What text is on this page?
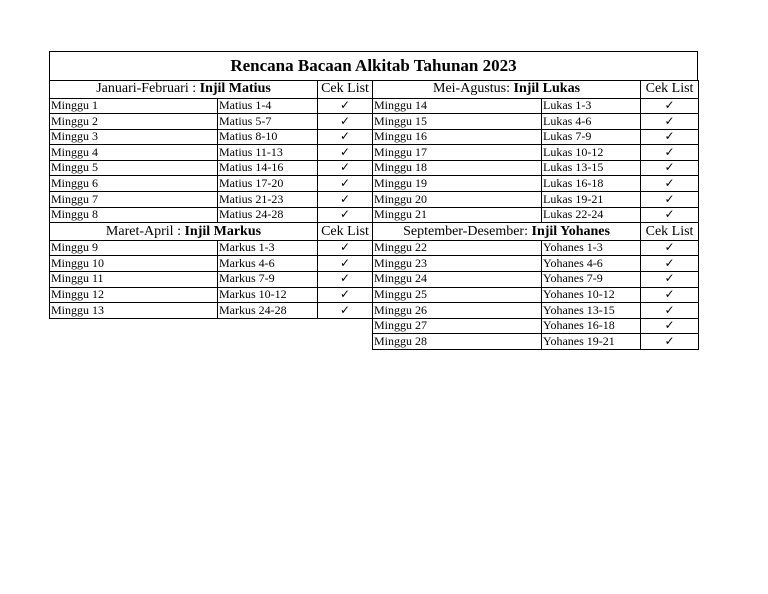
Rencana Bacaan Alkitab Tahunan 2023
Januari-Februari : Injil Matius		Cek List	Mei-Agustus: Injil Lukas		Cek List
Minggu 1	Matius 1-4	✓	Minggu 14	Lukas 1-3	✓
Minggu 2	Matius 5-7	✓	Minggu 15	Lukas 4-6	✓
Minggu 3	Matius 8-10	✓	Minggu 16	Lukas 7-9	✓
Minggu 4	Matius 11-13	✓	Minggu 17	Lukas 10-12	✓
Minggu 5	Matius 14-16	✓	Minggu 18	Lukas 13-15	✓
Minggu 6	Matius 17-20	✓	Minggu 19	Lukas 16-18	✓
Minggu 7	Matius 21-23	✓	Minggu 20	Lukas 19-21	✓
Minggu 8	Matius 24-28	✓	Minggu 21	Lukas 22-24	✓
Maret-April : Injil Markus		Cek List	September-Desember: Injil Yohanes		Cek List
Minggu 9	Markus 1-3	✓	Minggu 22	Yohanes 1-3	✓
Minggu 10	Markus 4-6	✓	Minggu 23	Yohanes 4-6	✓
Minggu 11	Markus 7-9	✓	Minggu 24	Yohanes 7-9	✓
Minggu 12	Markus 10-12	✓	Minggu 25	Yohanes 10-12	✓
Minggu 13	Markus 24-28	✓	Minggu 26	Yohanes 13-15	✓
			Minggu 27	Yohanes 16-18	✓
			Minggu 28	Yohanes 19-21	✓
